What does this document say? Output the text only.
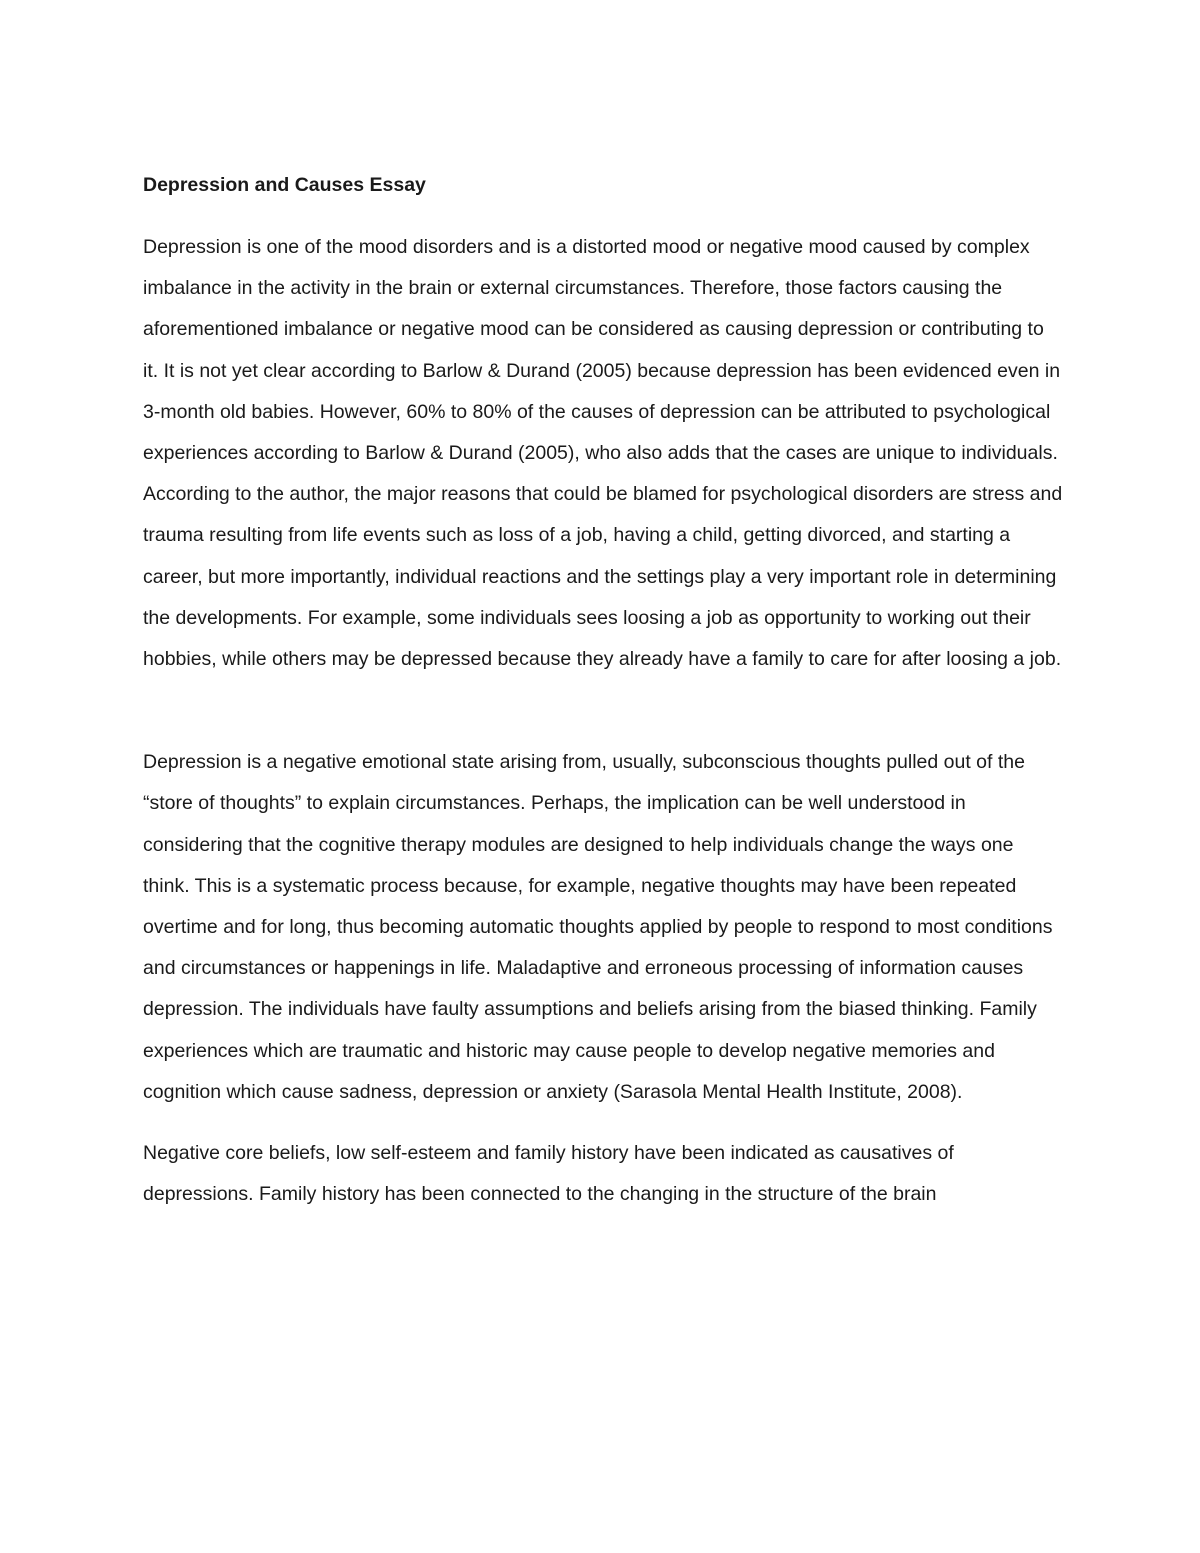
Depression and Causes Essay

Depression is one of the mood disorders and is a distorted mood or negative mood caused by complex imbalance in the activity in the brain or external circumstances. Therefore, those factors causing the aforementioned imbalance or negative mood can be considered as causing depression or contributing to it. It is not yet clear according to Barlow & Durand (2005) because depression has been evidenced even in 3-month old babies. However, 60% to 80% of the causes of depression can be attributed to psychological experiences according to Barlow & Durand (2005), who also adds that the cases are unique to individuals. According to the author, the major reasons that could be blamed for psychological disorders are stress and trauma resulting from life events such as loss of a job, having a child, getting divorced, and starting a career, but more importantly, individual reactions and the settings play a very important role in determining the developments. For example, some individuals sees loosing a job as opportunity to working out their hobbies, while others may be depressed because they already have a family to care for after loosing a job.

Depression is a negative emotional state arising from, usually, subconscious thoughts pulled out of the “store of thoughts” to explain circumstances. Perhaps, the implication can be well understood in considering that the cognitive therapy modules are designed to help individuals change the ways one think. This is a systematic process because, for example, negative thoughts may have been repeated overtime and for long, thus becoming automatic thoughts applied by people to respond to most conditions and circumstances or happenings in life. Maladaptive and erroneous processing of information causes depression. The individuals have faulty assumptions and beliefs arising from the biased thinking. Family experiences which are traumatic and historic may cause people to develop negative memories and cognition which cause sadness, depression or anxiety (Sarasola Mental Health Institute, 2008).

Negative core beliefs, low self-esteem and family history have been indicated as causatives of depressions. Family history has been connected to the changing in the structure of the brain
